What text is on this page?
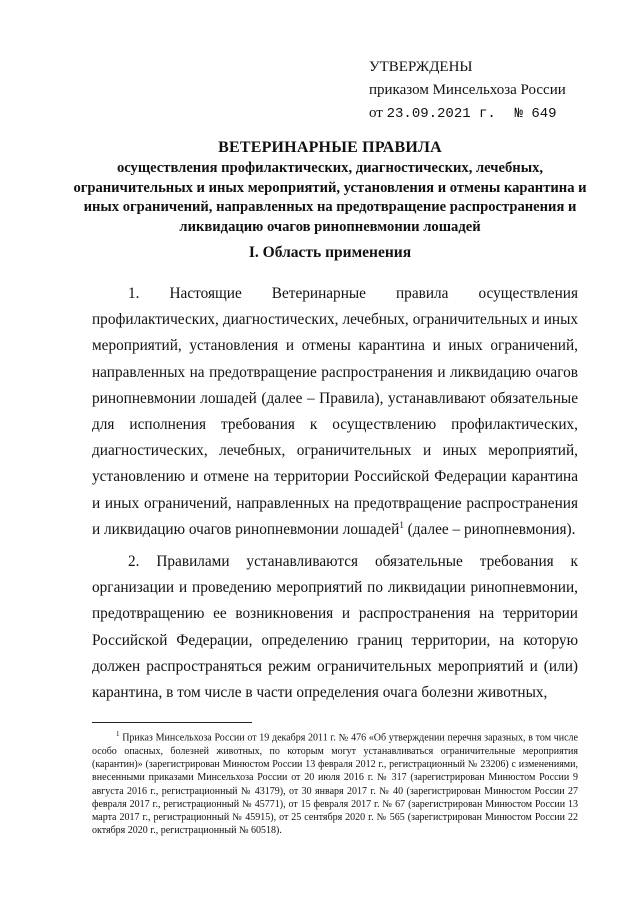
УТВЕРЖДЕНЫ
приказом Минсельхоза России
от 23.09.2021 г. № 649
ВЕТЕРИНАРНЫЕ ПРАВИЛА
осуществления профилактических, диагностических, лечебных, ограничительных и иных мероприятий, установления и отмены карантина и иных ограничений, направленных на предотвращение распространения и ликвидацию очагов ринопневмонии лошадей
I. Область применения

1. Настоящие Ветеринарные правила осуществления профилактических, диагностических, лечебных, ограничительных и иных мероприятий, установления и отмены карантина и иных ограничений, направленных на предотвращение распространения и ликвидацию очагов ринопневмонии лошадей (далее – Правила), устанавливают обязательные для исполнения требования к осуществлению профилактических, диагностических, лечебных, ограничительных и иных мероприятий, установлению и отмене на территории Российской Федерации карантина и иных ограничений, направленных на предотвращение распространения и ликвидацию очагов ринопневмонии лошадей$^1$ (далее – ринопневмония).

2. Правилами устанавливаются обязательные требования к организации и проведению мероприятий по ликвидации ринопневмонии, предотвращению ее возникновения и распространения на территории Российской Федерации, определению границ территории, на которую должен распространяться режим ограничительных мероприятий и (или) карантина, в том числе в части определения очага болезни животных,

$^1$ Приказ Минсельхоза России от 19 декабря 2011 г. № 476 «Об утверждении перечня заразных, в том числе особо опасных, болезней животных, по которым могут устанавливаться ограничительные мероприятия (карантин)» (зарегистрирован Минюстом России 13 февраля 2012 г., регистрационный № 23206) с изменениями, внесенными приказами Минсельхоза России от 20 июля 2016 г. № 317 (зарегистрирован Минюстом России 9 августа 2016 г., регистрационный № 43179), от 30 января 2017 г. № 40 (зарегистрирован Минюстом России 27 февраля 2017 г., регистрационный № 45771), от 15 февраля 2017 г. № 67 (зарегистрирован Минюстом России 13 марта 2017 г., регистрационный № 45915), от 25 сентября 2020 г. № 565 (зарегистрирован Минюстом России 22 октября 2020 г., регистрационный № 60518).
